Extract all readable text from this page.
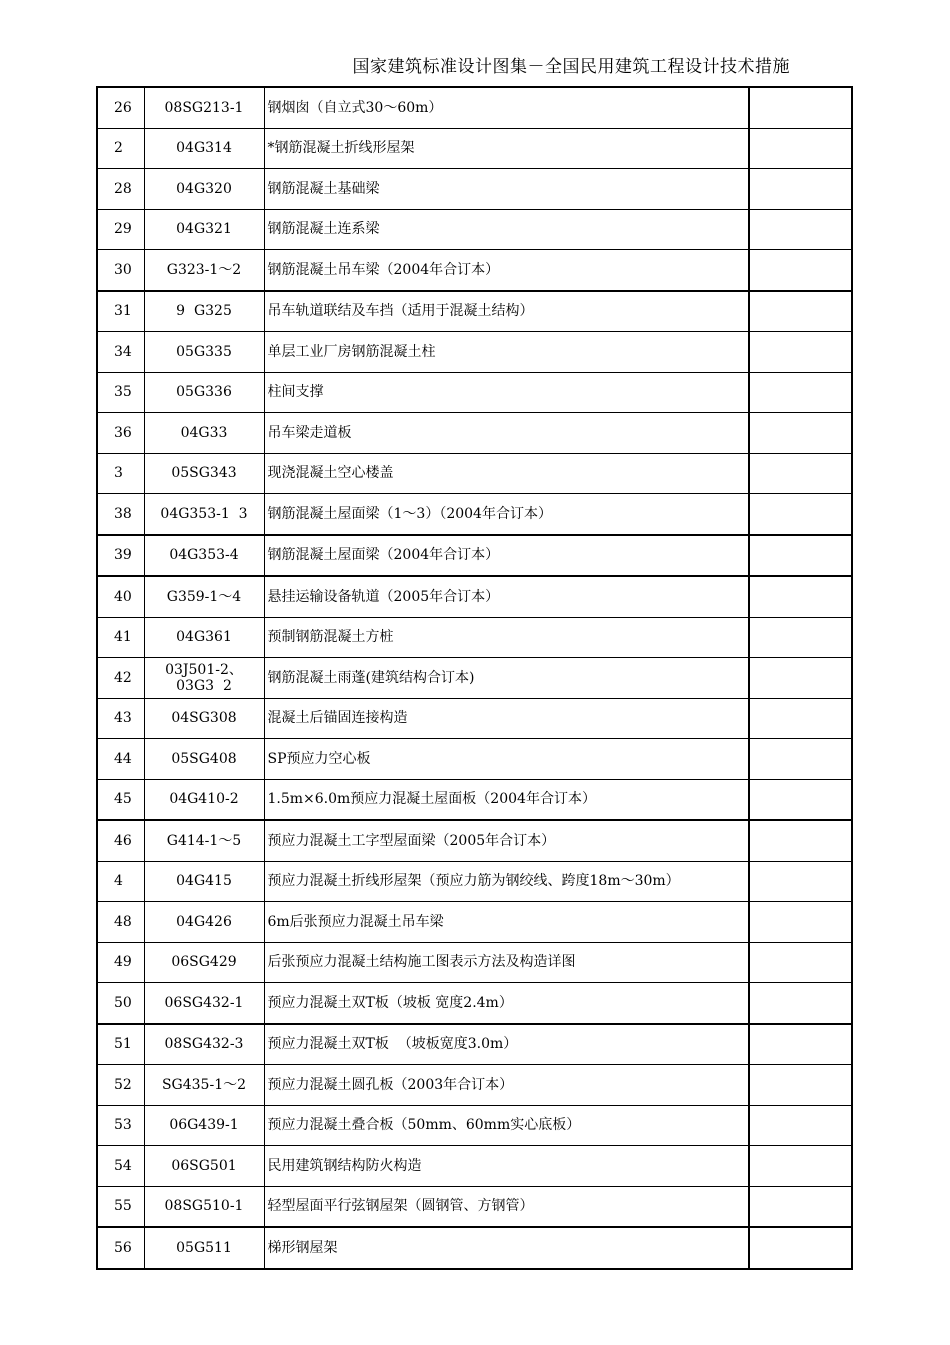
国家建筑标准设计图集－全国民用建筑工程设计技术措施
26	08SG213-1	钢烟囱（自立式30～60m）	
2	04G314	*钢筋混凝土折线形屋架	
28	04G320	钢筋混凝土基础梁	
29	04G321	钢筋混凝土连系梁	
30	G323-1～2	钢筋混凝土吊车梁（2004年合订本）	
31	9  G325	吊车轨道联结及车挡（适用于混凝土结构）	
34	05G335	单层工业厂房钢筋混凝土柱	
35	05G336	柱间支撑	
36	04G33	吊车梁走道板	
3	05SG343	现浇混凝土空心楼盖	
38	04G353-1  3	钢筋混凝土屋面梁（1～3）（2004年合订本）	
39	04G353-4	钢筋混凝土屋面梁（2004年合订本）	
40	G359-1～4	悬挂运输设备轨道（2005年合订本）	
41	04G361	预制钢筋混凝土方桩	
42	03J501-2、
03G3  2	钢筋混凝土雨蓬(建筑结构合订本)	
43	04SG308	混凝土后锚固连接构造	
44	05SG408	SP预应力空心板	
45	04G410-2	1.5m×6.0m预应力混凝土屋面板（2004年合订本）	
46	G414-1～5	预应力混凝土工字型屋面梁（2005年合订本）	
4	04G415	预应力混凝土折线形屋架（预应力筋为钢绞线、跨度18m～30m）	
48	04G426	6m后张预应力混凝土吊车梁	
49	06SG429	后张预应力混凝土结构施工图表示方法及构造详图	
50	06SG432-1	预应力混凝土双T板（坡板 宽度2.4m）	
51	08SG432-3	预应力混凝土双T板  （坡板宽度3.0m）	
52	SG435-1～2	预应力混凝土圆孔板（2003年合订本）	
53	06G439-1	预应力混凝土叠合板（50mm、60mm实心底板）	
54	06SG501	民用建筑钢结构防火构造	
55	08SG510-1	轻型屋面平行弦钢屋架（圆钢管、方钢管）	
56	05G511	梯形钢屋架	
